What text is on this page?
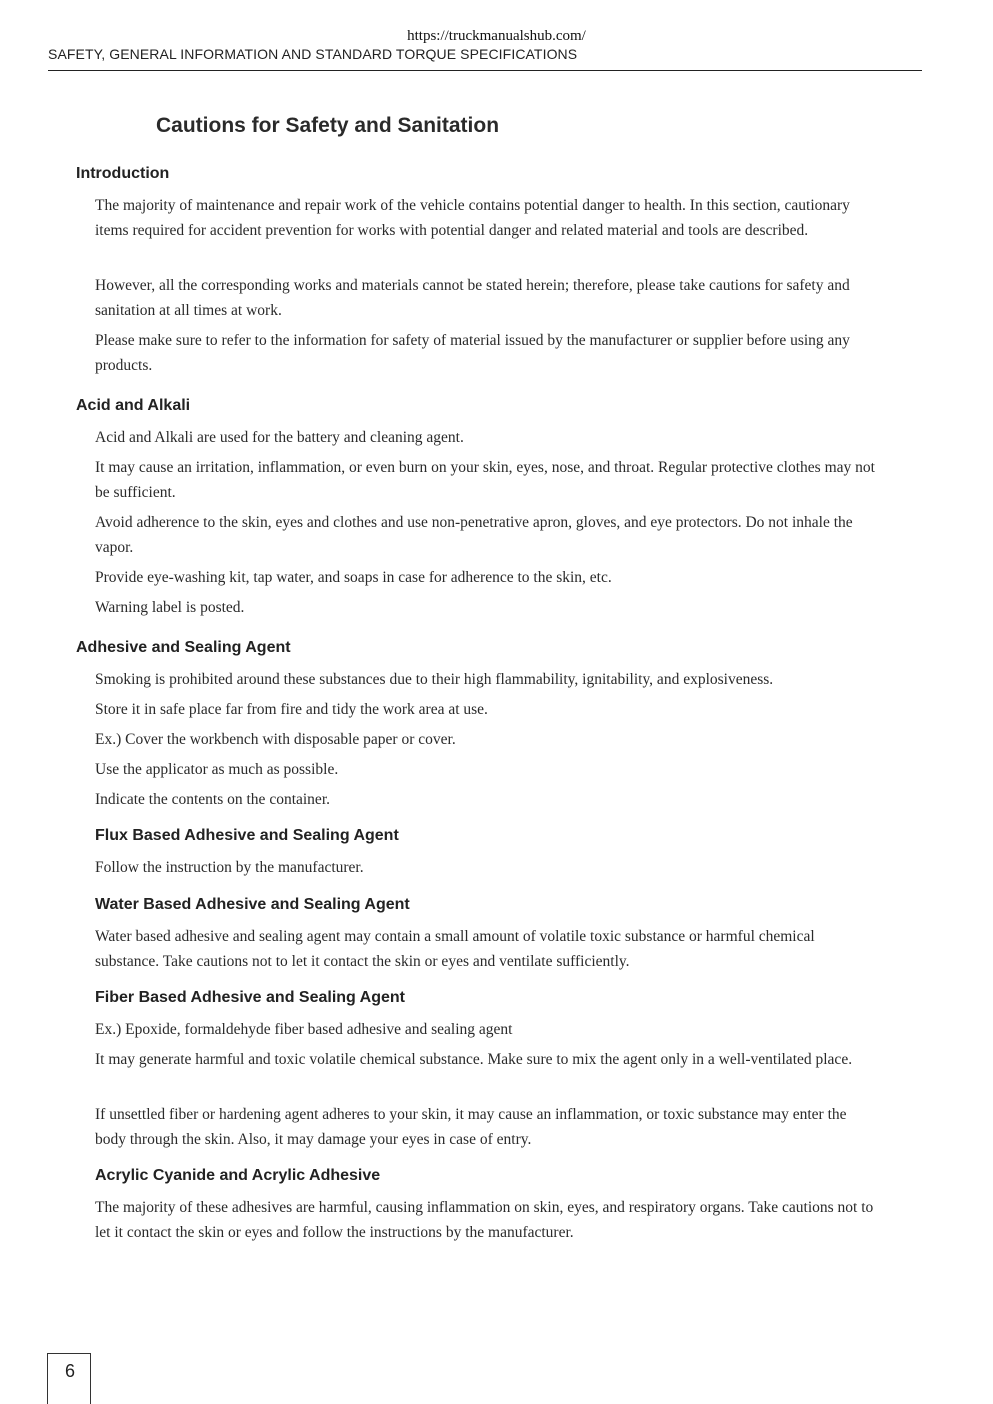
https://truckmanualshub.com/
SAFETY, GENERAL INFORMATION AND STANDARD TORQUE SPECIFICATIONS
Cautions for Safety and Sanitation
Introduction

The majority of maintenance and repair work of the vehicle contains potential danger to health. In this section, cautionary items required for accident prevention for works with potential danger and related material and tools are described.

However, all the corresponding works and materials cannot be stated herein; therefore, please take cautions for safety and sanitation at all times at work.

Please make sure to refer to the information for safety of material issued by the manufacturer or supplier before using any products.

Acid and Alkali

Acid and Alkali are used for the battery and cleaning agent.

It may cause an irritation, inflammation, or even burn on your skin, eyes, nose, and throat. Regular protective clothes may not be sufficient.

Avoid adherence to the skin, eyes and clothes and use non-penetrative apron, gloves, and eye protectors. Do not inhale the vapor.

Provide eye-washing kit, tap water, and soaps in case for adherence to the skin, etc.

Warning label is posted.

Adhesive and Sealing Agent

Smoking is prohibited around these substances due to their high flammability, ignitability, and explosiveness.

Store it in safe place far from fire and tidy the work area at use.

Ex.) Cover the workbench with disposable paper or cover.

Use the applicator as much as possible.

Indicate the contents on the container.

Flux Based Adhesive and Sealing Agent

Follow the instruction by the manufacturer.

Water Based Adhesive and Sealing Agent

Water based adhesive and sealing agent may contain a small amount of volatile toxic substance or harmful chemical substance. Take cautions not to let it contact the skin or eyes and ventilate sufficiently.

Fiber Based Adhesive and Sealing Agent

Ex.) Epoxide, formaldehyde fiber based adhesive and sealing agent

It may generate harmful and toxic volatile chemical substance. Make sure to mix the agent only in a well-ventilated place.

If unsettled fiber or hardening agent adheres to your skin, it may cause an inflammation, or toxic substance may enter the body through the skin. Also, it may damage your eyes in case of entry.

Acrylic Cyanide and Acrylic Adhesive

The majority of these adhesives are harmful, causing inflammation on skin, eyes, and respiratory organs. Take cautions not to let it contact the skin or eyes and follow the instructions by the manufacturer.

6
